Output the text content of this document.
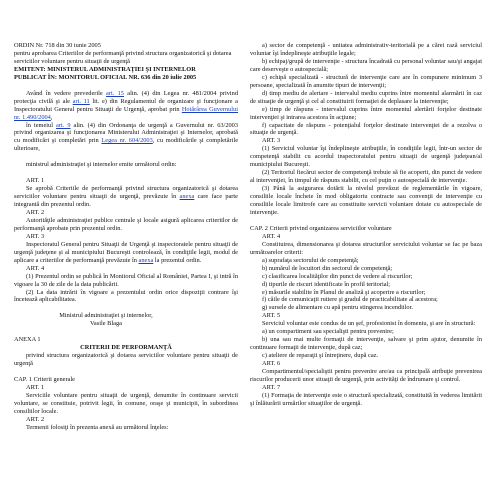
ORDIN Nr. 718 din 30 iunie 2005

pentru aprobarea Criteriilor de performanţă privind structura organizatorică şi dotarea serviciilor voluntare pentru situaţii de urgenţă

EMITENT: MINISTERUL ADMINISTRAŢIEI ŞI INTERNELOR

PUBLICAT ÎN: MONITORUL OFICIAL NR. 636 din 20 iulie 2005

Având în vedere prevederile art. 15 alin. (4) din Legea nr. 481/2004 privind protecţia civilă şi ale art. 11 lit. e) din Regulamentul de organizare şi funcţionare a Inspectoratului General pentru Situaţii de Urgenţă, aprobat prin Hotărârea Guvernului nr. 1.490/2004,

în temeiul art. 9 alin. (4) din Ordonanţa de urgenţă a Guvernului nr. 63/2003 privind organizarea şi funcţionarea Ministerului Administraţiei şi Internelor, aprobată cu modificări şi completări prin Legea nr. 604/2003, cu modificările şi completările ulterioare,

ministrul administraţiei şi internelor emite următorul ordin:

ART. 1

Se aprobă Criteriile de performanţă privind structura organizatorică şi dotarea serviciilor voluntare pentru situaţii de urgenţă, prevăzute în anexa care face parte integrantă din prezentul ordin.

ART. 2

Autorităţile administraţiei publice centrale şi locale asigură aplicarea criteriilor de performanţă aprobate prin prezentul ordin.

ART. 3

Inspectoratul General pentru Situaţii de Urgenţă şi inspectoratele pentru situaţii de urgenţă judeţene şi al municipiului Bucureşti controlează, în condiţiile legii, modul de aplicare a criteriilor de performanţă prevăzute în anexa la prezentul ordin.

ART. 4

(1) Prezentul ordin se publică în Monitorul Oficial al României, Partea I, şi intră în vigoare la 30 de zile de la data publicării.

(2) La data intrării în vigoare a prezentului ordin orice dispoziţii contrare îşi încetează aplicabilitatea.

Ministrul administraţiei şi internelor,

Vasile Blaga

ANEXA 1

CRITERII DE PERFORMANŢĂ

privind structura organizatorică şi dotarea serviciilor voluntare pentru situaţii de urgenţă

CAP. 1 Criterii generale

ART. 1

Serviciile voluntare pentru situaţii de urgenţă, denumite în continuare servicii voluntare, se constituie, potrivit legii, în comune, oraşe şi municipii, în subordinea consiliilor locale.

ART. 2

Termenii folosiţi în prezenta anexă au următorul înţeles:

a) sector de competenţă - unitatea administrativ-teritorială pe a cărei rază serviciul voluntar îşi îndeplineşte atribuţiile legale;

b) echipaj/grupă de intervenţie - structura încadrată cu personal voluntar sau/şi angajat care deserveşte o autospecială;

c) echipă specializată - structură de intervenţie care are în compunere minimum 3 persoane, specializată în anumite tipuri de intervenţii;

d) timp mediu de alertare - intervalul mediu cuprins între momentul alarmării în caz de situaţie de urgenţă şi cel al constituirii formaţiei de deplasare la intervenţie;

e) timp de răspuns - intervalul cuprins între momentul alertării forţelor destinate intervenţiei şi intrarea acestora în acţiune;

f) capacitate de răspuns - potenţialul forţelor destinate intervenţiei de a rezolva o situaţie de urgenţă.

ART. 3

(1) Serviciul voluntar îşi îndeplineşte atribuţiile, în condiţiile legii, într-un sector de competenţă stabilit cu acordul inspectoratului pentru situaţii de urgenţă judeţean/al municipiului Bucureşti.

(2) Teritoriul fiecărui sector de competenţă trebuie să fie acoperit, din punct de vedere al intervenţiei, în timpul de răspuns stabilit, cu cel puţin o autospecială de intervenţie.

(3) Până la asigurarea dotării la nivelul prevăzut de reglementările în vigoare, consiliile locale încheie în mod obligatoriu contracte sau convenţii de intervenţie cu consiliile locale limitrofe care au constituite servicii voluntare dotate cu autospeciale de intervenţie.

CAP. 2 Criterii privind organizarea serviciilor voluntare

ART. 4

Constituirea, dimensionarea şi dotarea structurilor serviciului voluntar se fac pe baza următoarelor criterii:

a) suprafaţa sectorului de competenţă;

b) numărul de locuitori din sectorul de competenţă;

c) clasificarea localităţilor din punct de vedere al riscurilor;

d) tipurile de riscuri identificate în profil teritorial;

e) măsurile stabilite în Planul de analiză şi acoperire a riscurilor;

f) căile de comunicaţii rutiere şi gradul de practicabilitate al acestora;

g) sursele de alimentare cu apă pentru stingerea incendiilor.

ART. 5

Serviciul voluntar este condus de un şef, profesionist în domeniu, şi are în structură:

a) un compartiment sau specialişti pentru prevenire;

b) una sau mai multe formaţii de intervenţie, salvare şi prim ajutor, denumite în continuare formaţii de intervenţie, după caz;

c) ateliere de reparaţii şi întreţinere, după caz.

ART. 6

Compartimentul/specialiştii pentru prevenire are/au ca principală atribuţie prevenirea riscurilor producerii unor situaţii de urgenţă, prin activităţi de îndrumare şi control.

ART. 7

(1) Formaţia de intervenţie este o structură specializată, constituită în vederea limitării şi înlăturării urmărilor situaţiilor de urgenţă.
